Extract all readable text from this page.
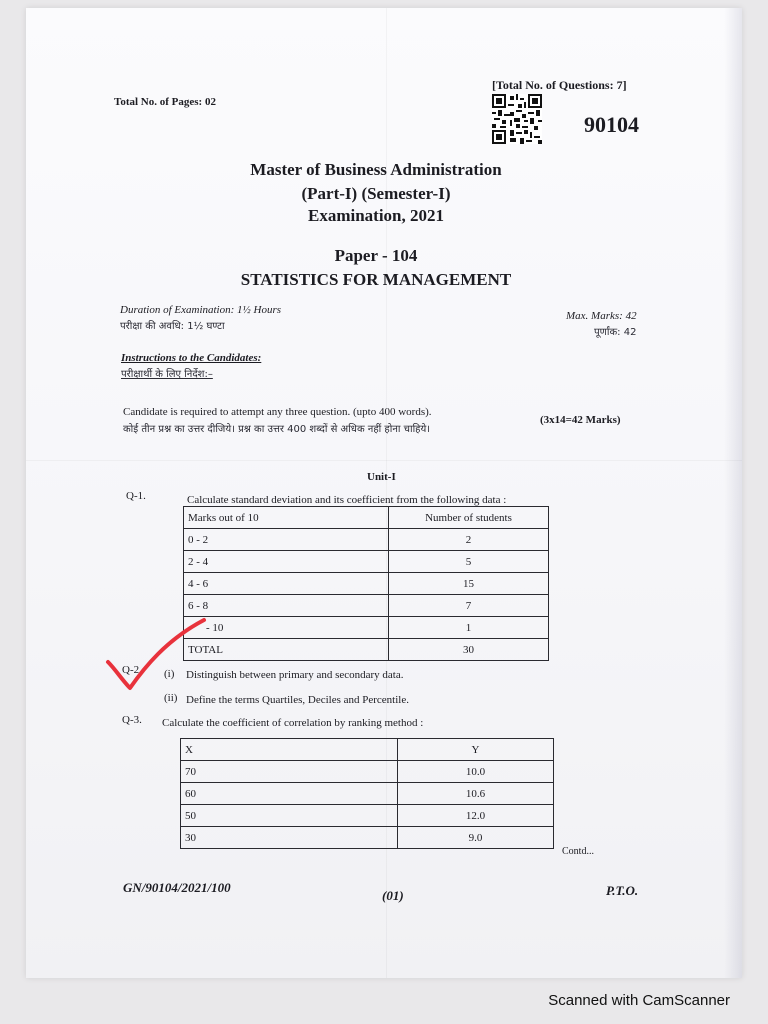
[Total No. of Questions: 7]
Total No. of Pages: 02
90104
Master of Business Administration
(Part-I) (Semester-I)
Examination, 2021
Paper - 104
STATISTICS FOR MANAGEMENT
Duration of Examination: 1½ Hours
परीक्षा की अवधि: 1½ घण्टा
Max. Marks: 42
पूर्णांक: 42
Instructions to the Candidates:
परीक्षार्थी के लिए निर्देश:–
Candidate is required to attempt any three question. (upto 400 words).
कोई तीन प्रश्न का उत्तर दीजिये। प्रश्न का उत्तर 400 शब्दों से अधिक नहीं होना चाहिये।
(3x14=42 Marks)
Unit-I
Q-1.	Calculate standard deviation and its coefficient from the following data :
Marks out of 10	Number of students
0 - 2	2
2 - 4	5
4 - 6	15
6 - 8	7
- 10	1
TOTAL	30
Q-2 (i) Distinguish between primary and secondary data.
(ii) Define the terms Quartiles, Deciles and Percentile.
Q-3. Calculate the coefficient of correlation by ranking method :
X	Y
70	10.0
60	10.6
50	12.0
30	9.0
Contd...
GN/90104/2021/100
(01)	P.T.O.
Scanned with CamScanner
